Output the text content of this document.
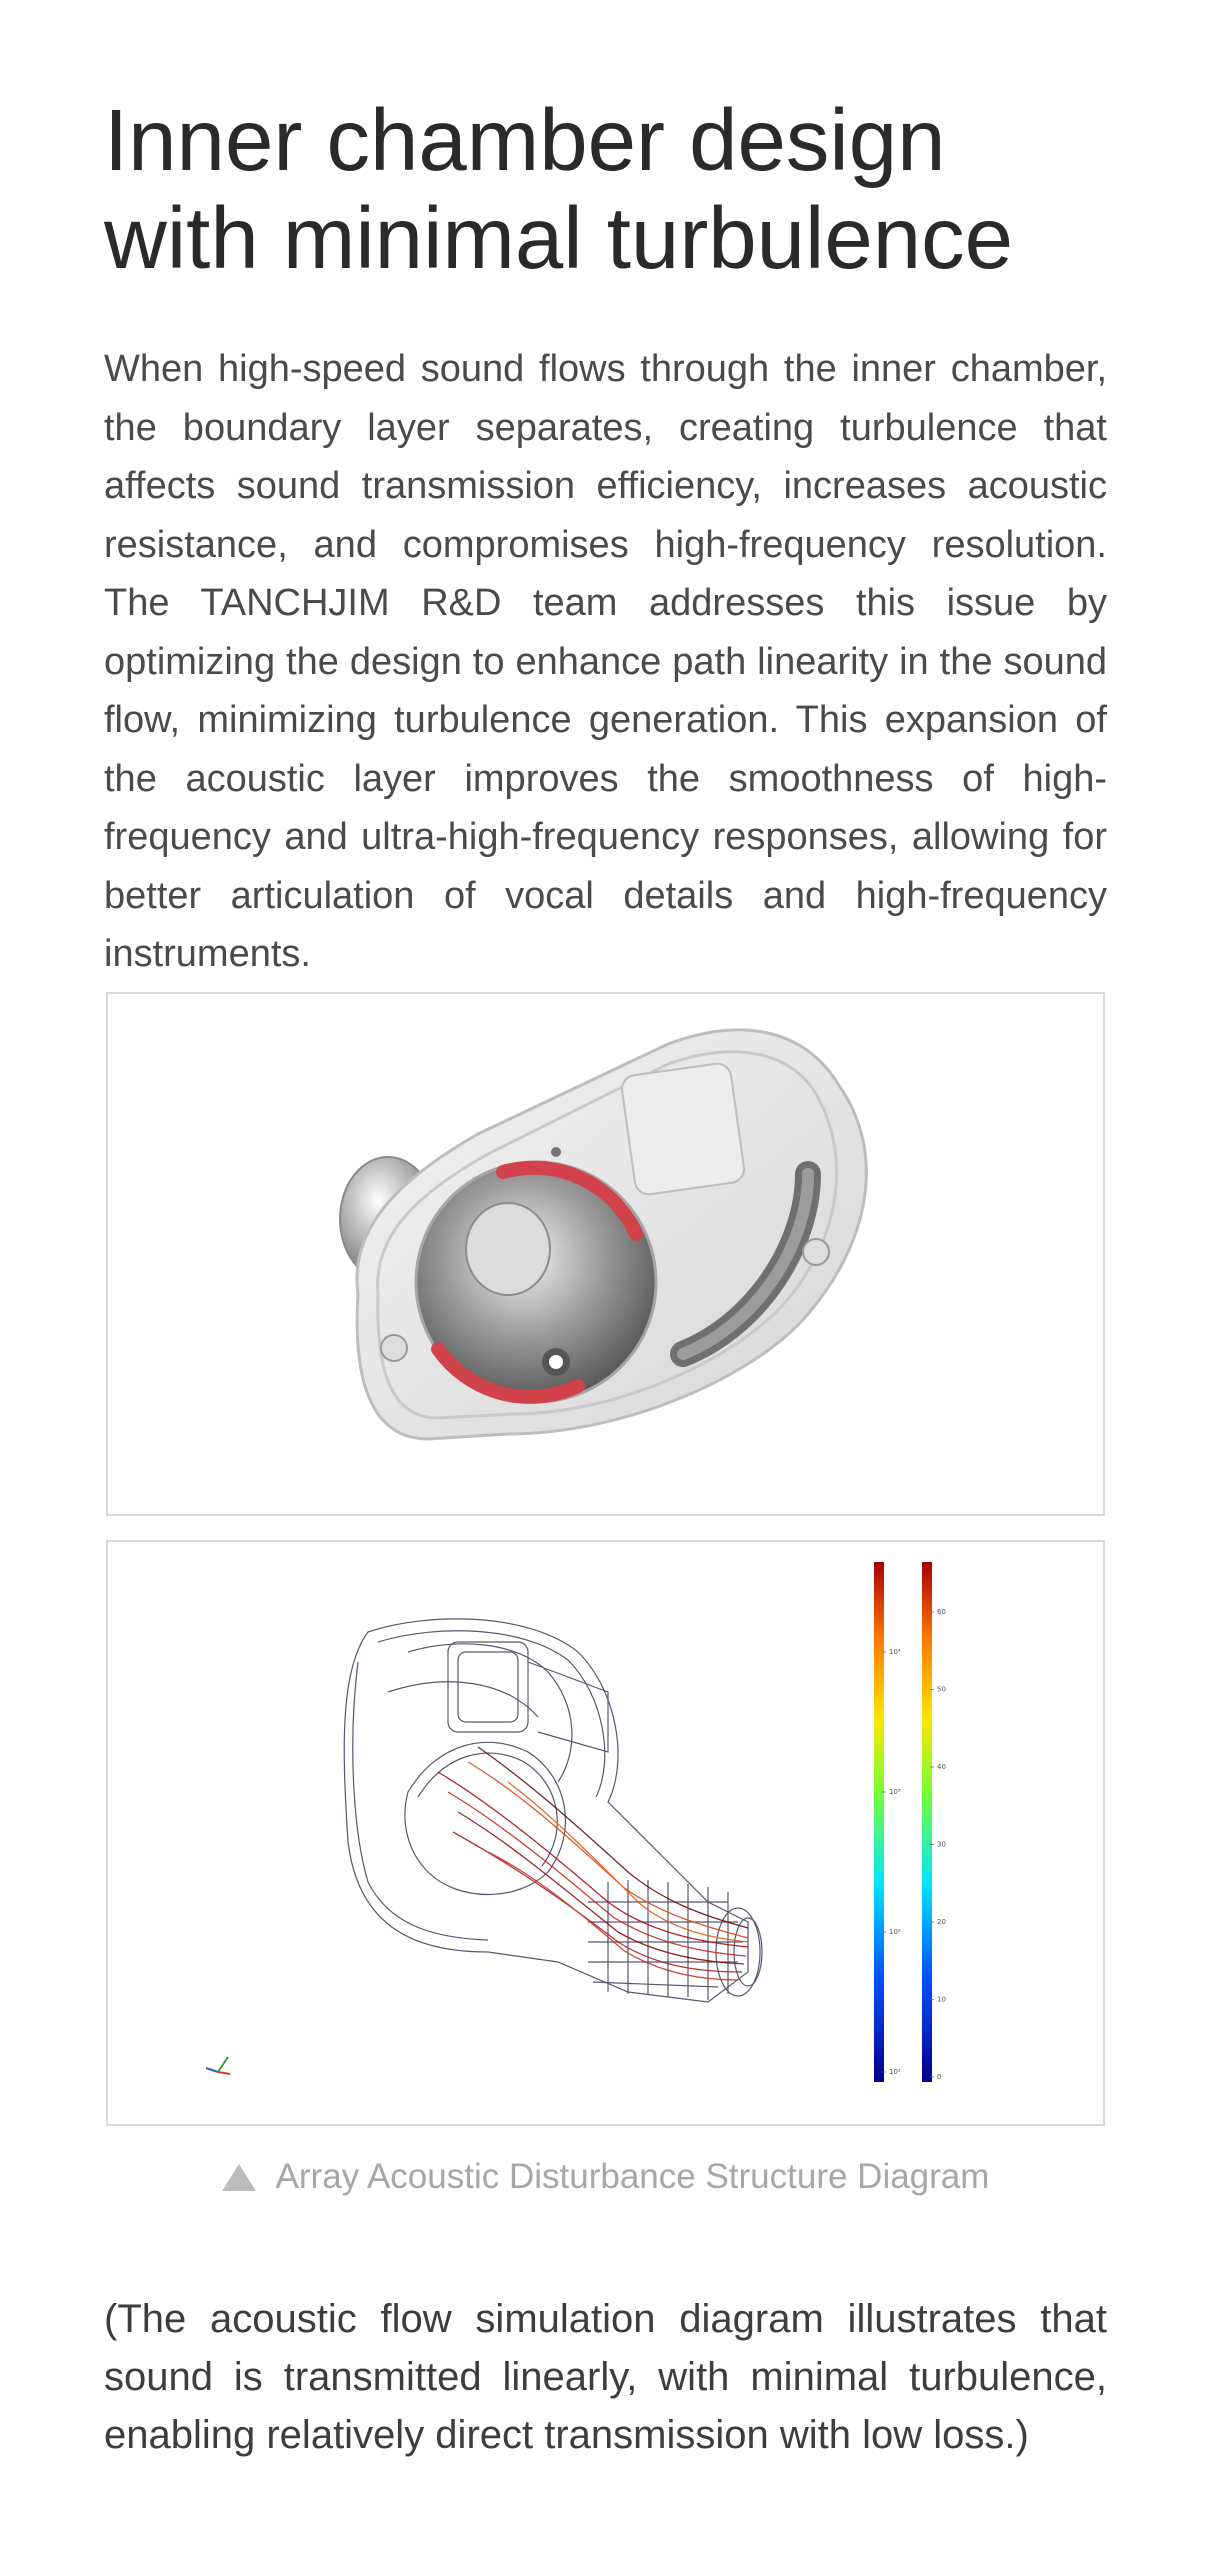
Inner chamber design
with minimal turbulence

When high-speed sound flows through the inner chamber, the boundary layer separates, creating turbulence that affects sound transmission efficiency, increases acoustic resistance, and compromises high-frequency resolution. The TANCHJIM R&D team addresses this issue by optimizing the design to enhance path linearity in the sound flow, minimizing turbulence generation. This expansion of the acoustic layer improves the smoothness of high-frequency and ultra-high-frequency responses, allowing for better articulation of vocal details and high-frequency instruments.

10¹
10²
10³
10⁴
0
10
20
30
40
50
60
Array Acoustic Disturbance Structure Diagram

(The acoustic flow simulation diagram illustrates that sound is transmitted linearly, with minimal turbulence, enabling relatively direct transmission with low loss.)
